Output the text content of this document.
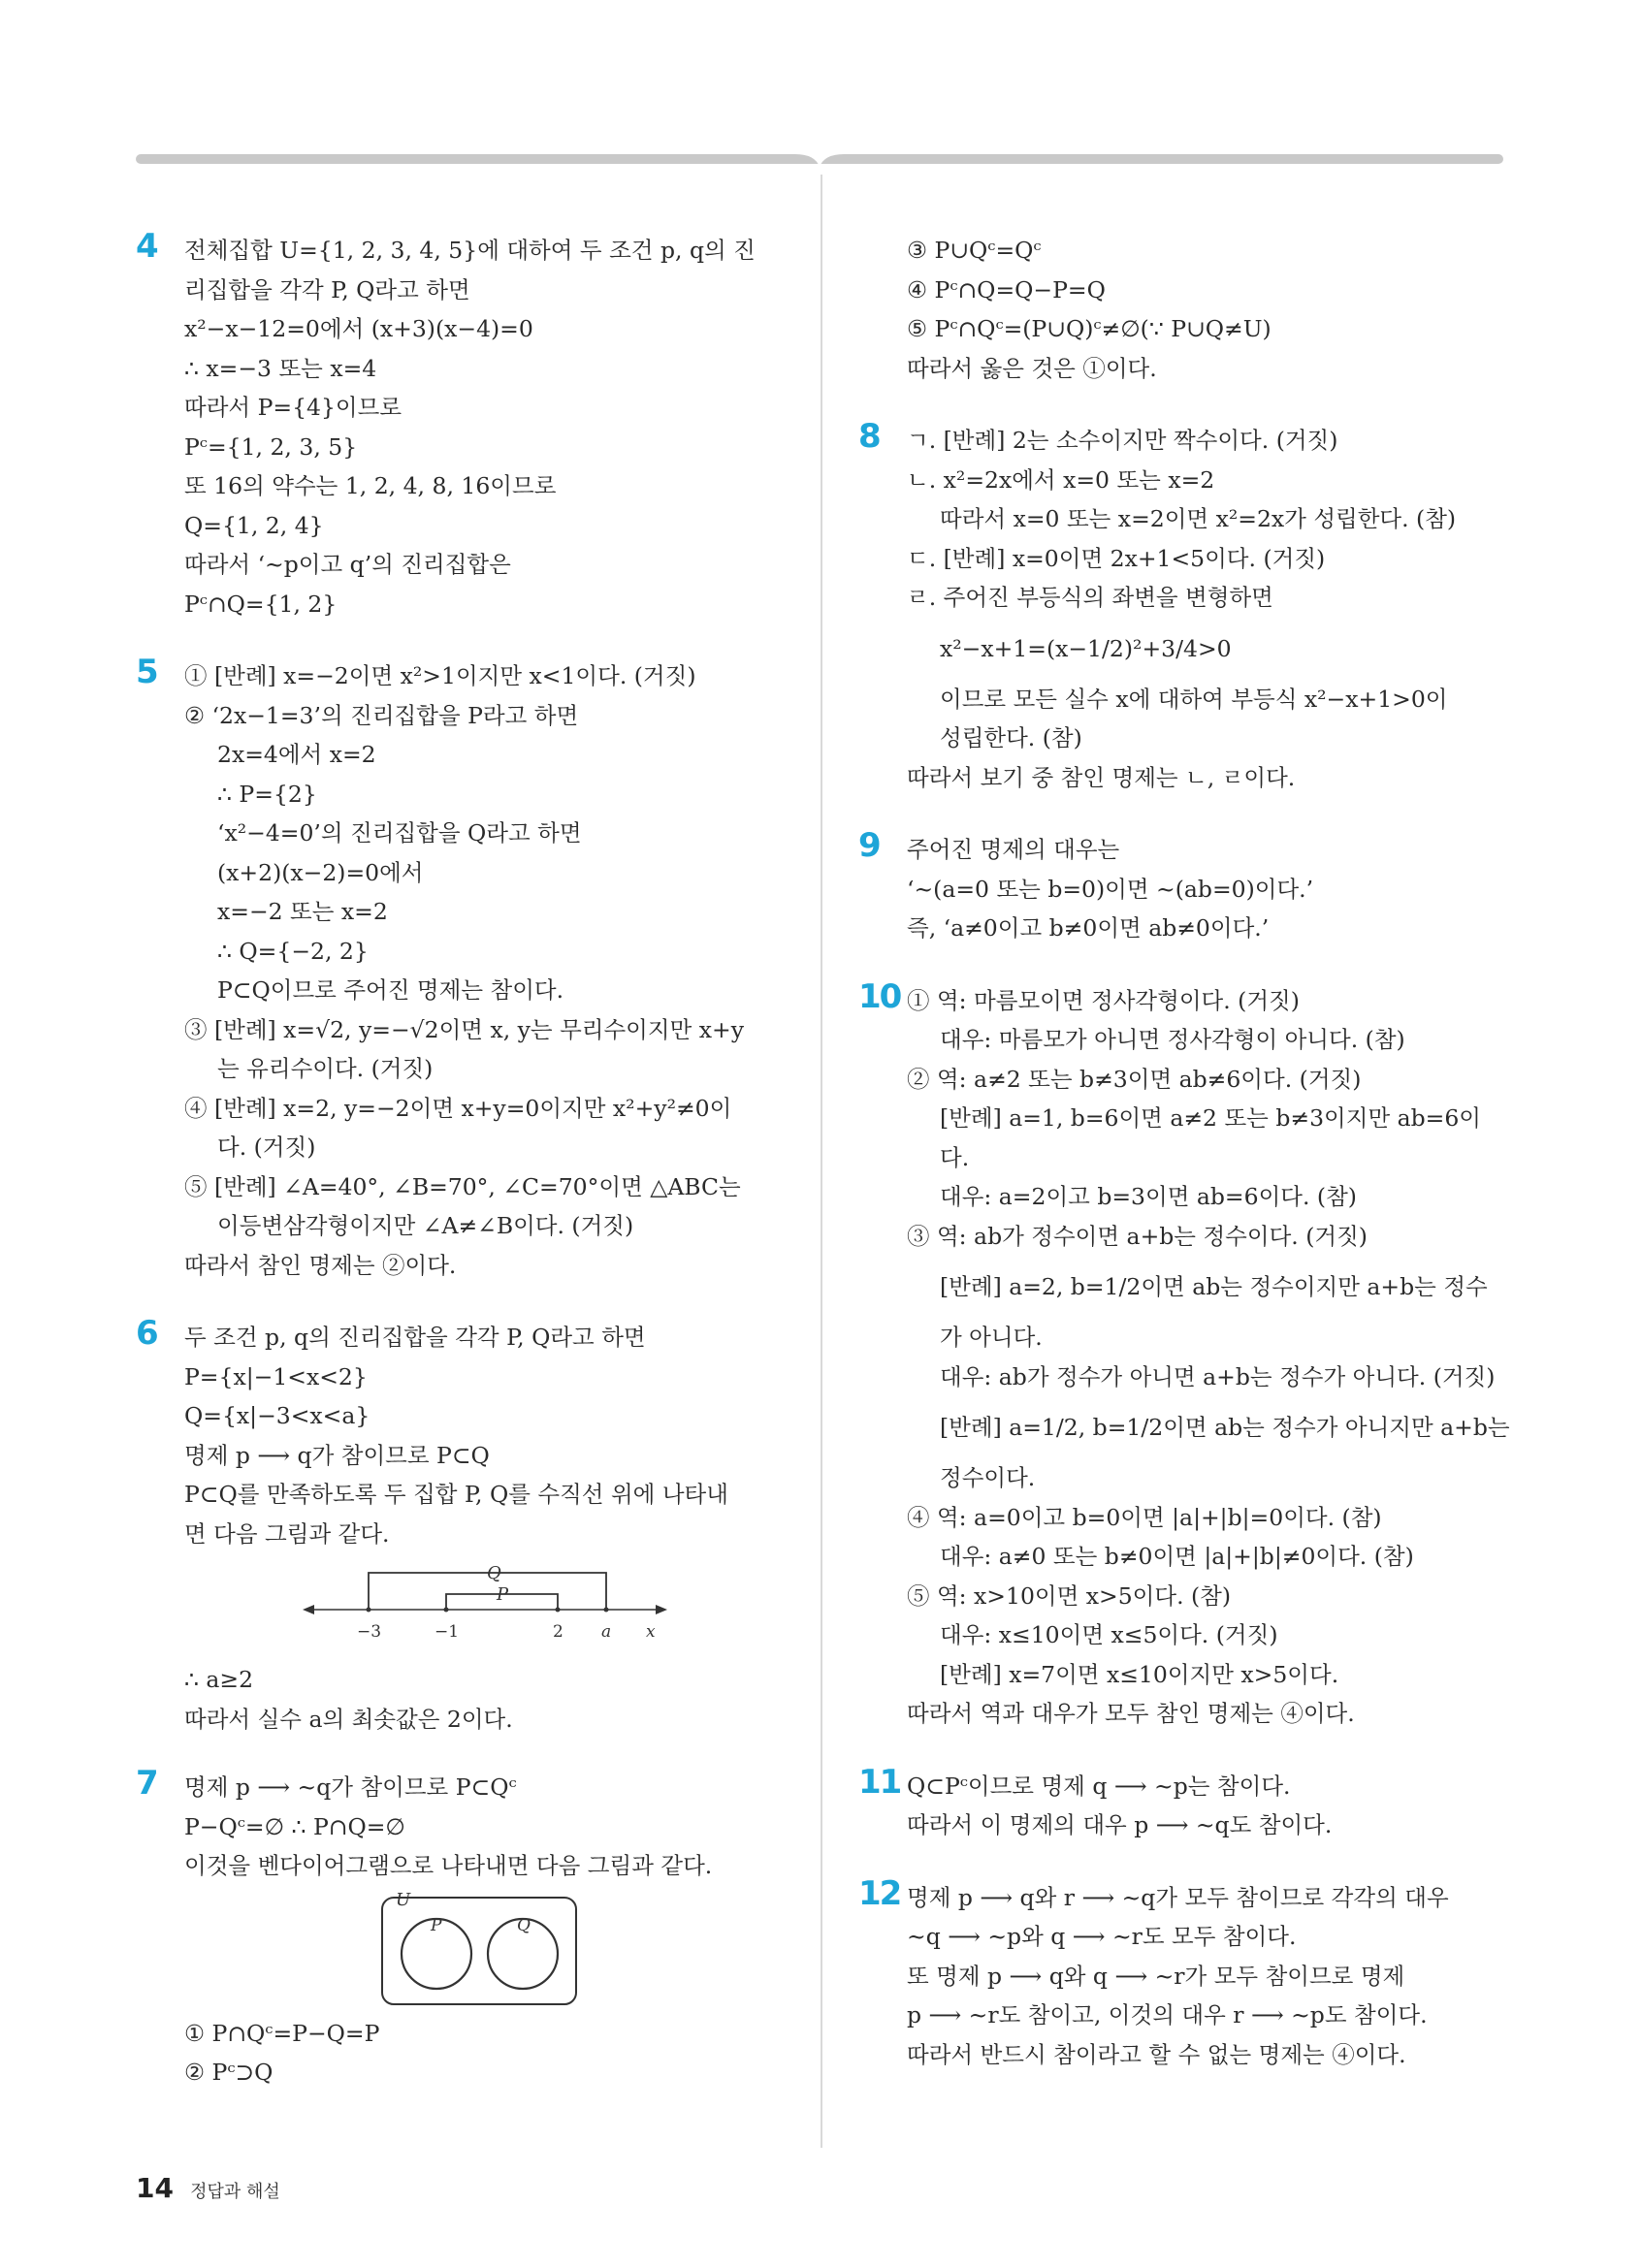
4 전체집합 U={1, 2, 3, 4, 5}에 대하여 두 조건 p, q의 진
리집합을 각각 P, Q라고 하면
x²−x−12=0에서 (x+3)(x−4)=0
∴ x=−3 또는 x=4
따라서 P={4}이므로
Pᶜ={1, 2, 3, 5}
또 16의 약수는 1, 2, 4, 8, 16이므로
Q={1, 2, 4}
따라서 ‘~p이고 q’의 진리집합은
Pᶜ∩Q={1, 2}
5 ① [반례] x=−2이면 x²>1이지만 x<1이다. (거짓)
② ‘2x−1=3’의 진리집합을 P라고 하면
2x=4에서 x=2
∴ P={2}
‘x²−4=0’의 진리집합을 Q라고 하면
(x+2)(x−2)=0에서
x=−2 또는 x=2
∴ Q={−2, 2}
P⊂Q이므로 주어진 명제는 참이다.
③ [반례] x=√2, y=−√2이면 x, y는 무리수이지만 x+y
는 유리수이다. (거짓)
④ [반례] x=2, y=−2이면 x+y=0이지만 x²+y²≠0이
다. (거짓)
⑤ [반례] ∠A=40°, ∠B=70°, ∠C=70°이면 △ABC는
이등변삼각형이지만 ∠A≠∠B이다. (거짓)
따라서 참인 명제는 ②이다.
6 두 조건 p, q의 진리집합을 각각 P, Q라고 하면
P={x|−1<x<2}
Q={x|−3<x<a}
명제 p ⟶ q가 참이므로 P⊂Q
P⊂Q를 만족하도록 두 집합 P, Q를 수직선 위에 나타내
면 다음 그림과 같다.
Q
P
−3	−1	2 a x
∴ a≥2
따라서 실수 a의 최솟값은 2이다.
7 명제 p ⟶ ~q가 참이므로 P⊂Qᶜ
P−Qᶜ=∅ ∴ P∩Q=∅
이것을 벤다이어그램으로 나타내면 다음 그림과 같다.
U
P	Q
① P∩Qᶜ=P−Q=P
② Pᶜ⊃Q
③ P∪Qᶜ=Qᶜ
④ Pᶜ∩Q=Q−P=Q
⑤ Pᶜ∩Qᶜ=(P∪Q)ᶜ≠∅(∵ P∪Q≠U)
따라서 옳은 것은 ①이다.
8 ㄱ. [반례] 2는 소수이지만 짝수이다. (거짓)
ㄴ. x²=2x에서 x=0 또는 x=2
따라서 x=0 또는 x=2이면 x²=2x가 성립한다. (참)
ㄷ. [반례] x=0이면 2x+1<5이다. (거짓)
ㄹ. 주어진 부등식의 좌변을 변형하면
x²−x+1=(x−1/2)²+3/4>0
이므로 모든 실수 x에 대하여 부등식 x²−x+1>0이
성립한다. (참)
따라서 보기 중 참인 명제는 ㄴ, ㄹ이다.
9 주어진 명제의 대우는
‘~(a=0 또는 b=0)이면 ~(ab=0)이다.’
즉, ‘a≠0이고 b≠0이면 ab≠0이다.’
10 ① 역: 마름모이면 정사각형이다. (거짓)
대우: 마름모가 아니면 정사각형이 아니다. (참)
② 역: a≠2 또는 b≠3이면 ab≠6이다. (거짓)
[반례] a=1, b=6이면 a≠2 또는 b≠3이지만 ab=6이
다.
대우: a=2이고 b=3이면 ab=6이다. (참)
③ 역: ab가 정수이면 a+b는 정수이다. (거짓)
[반례] a=2, b=1/2이면 ab는 정수이지만 a+b는 정수
가 아니다.
대우: ab가 정수가 아니면 a+b는 정수가 아니다. (거짓)
[반례] a=1/2, b=1/2이면 ab는 정수가 아니지만 a+b는
정수이다.
④ 역: a=0이고 b=0이면 |a|+|b|=0이다. (참)
대우: a≠0 또는 b≠0이면 |a|+|b|≠0이다. (참)
⑤ 역: x>10이면 x>5이다. (참)
대우: x≤10이면 x≤5이다. (거짓)
[반례] x=7이면 x≤10이지만 x>5이다.
따라서 역과 대우가 모두 참인 명제는 ④이다.
11 Q⊂Pᶜ이므로 명제 q ⟶ ~p는 참이다.
따라서 이 명제의 대우 p ⟶ ~q도 참이다.
12 명제 p ⟶ q와 r ⟶ ~q가 모두 참이므로 각각의 대우
~q ⟶ ~p와 q ⟶ ~r도 모두 참이다.
또 명제 p ⟶ q와 q ⟶ ~r가 모두 참이므로 명제
p ⟶ ~r도 참이고, 이것의 대우 r ⟶ ~p도 참이다.
따라서 반드시 참이라고 할 수 없는 명제는 ④이다.
14 정답과 해설
